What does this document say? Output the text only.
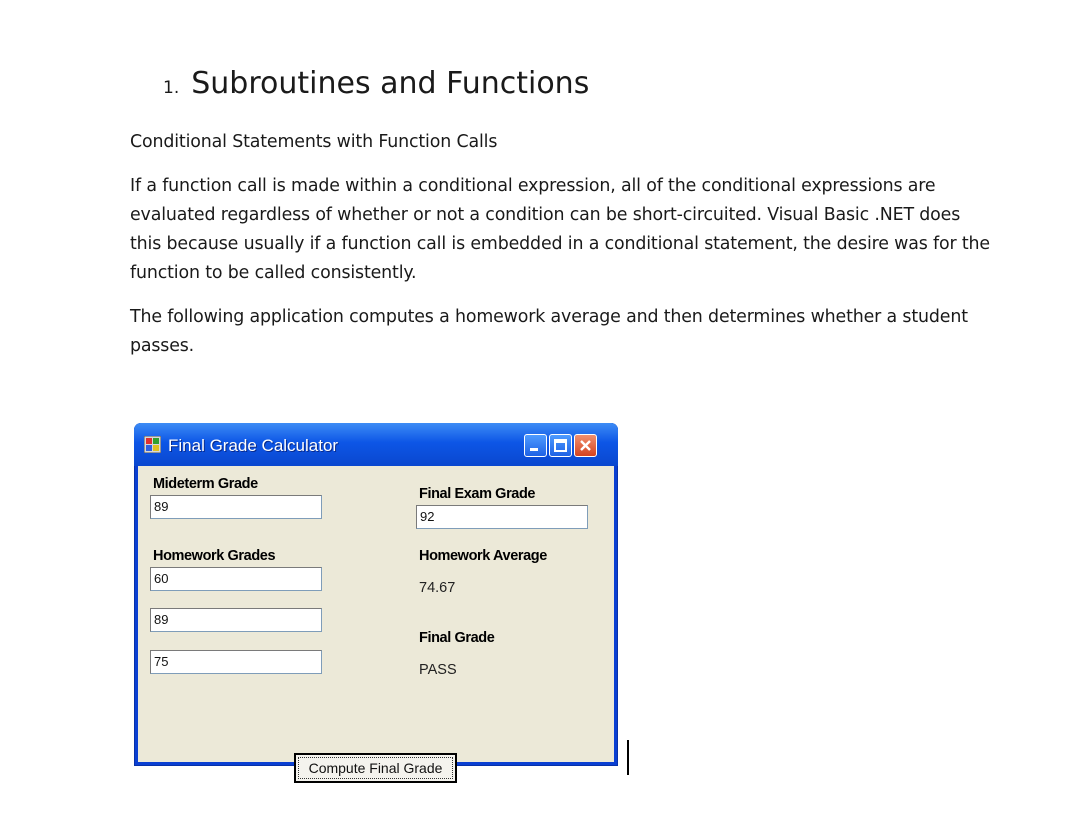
1. Subroutines and Functions

Conditional Statements with Function Calls

If a function call is made within a conditional expression, all of the conditional expressions are evaluated regardless of whether or not a condition can be short-circuited. Visual Basic .NET does this because usually if a function call is embedded in a conditional statement, the desire was for the function to be called consistently.

The following application computes a homework average and then determines whether a student passes.

Final Grade Calculator
Mideterm Grade
89
Homework Grades
60
89
75
Final Exam Grade
92
Homework Average
74.67
Final Grade
PASS
Compute Final Grade
